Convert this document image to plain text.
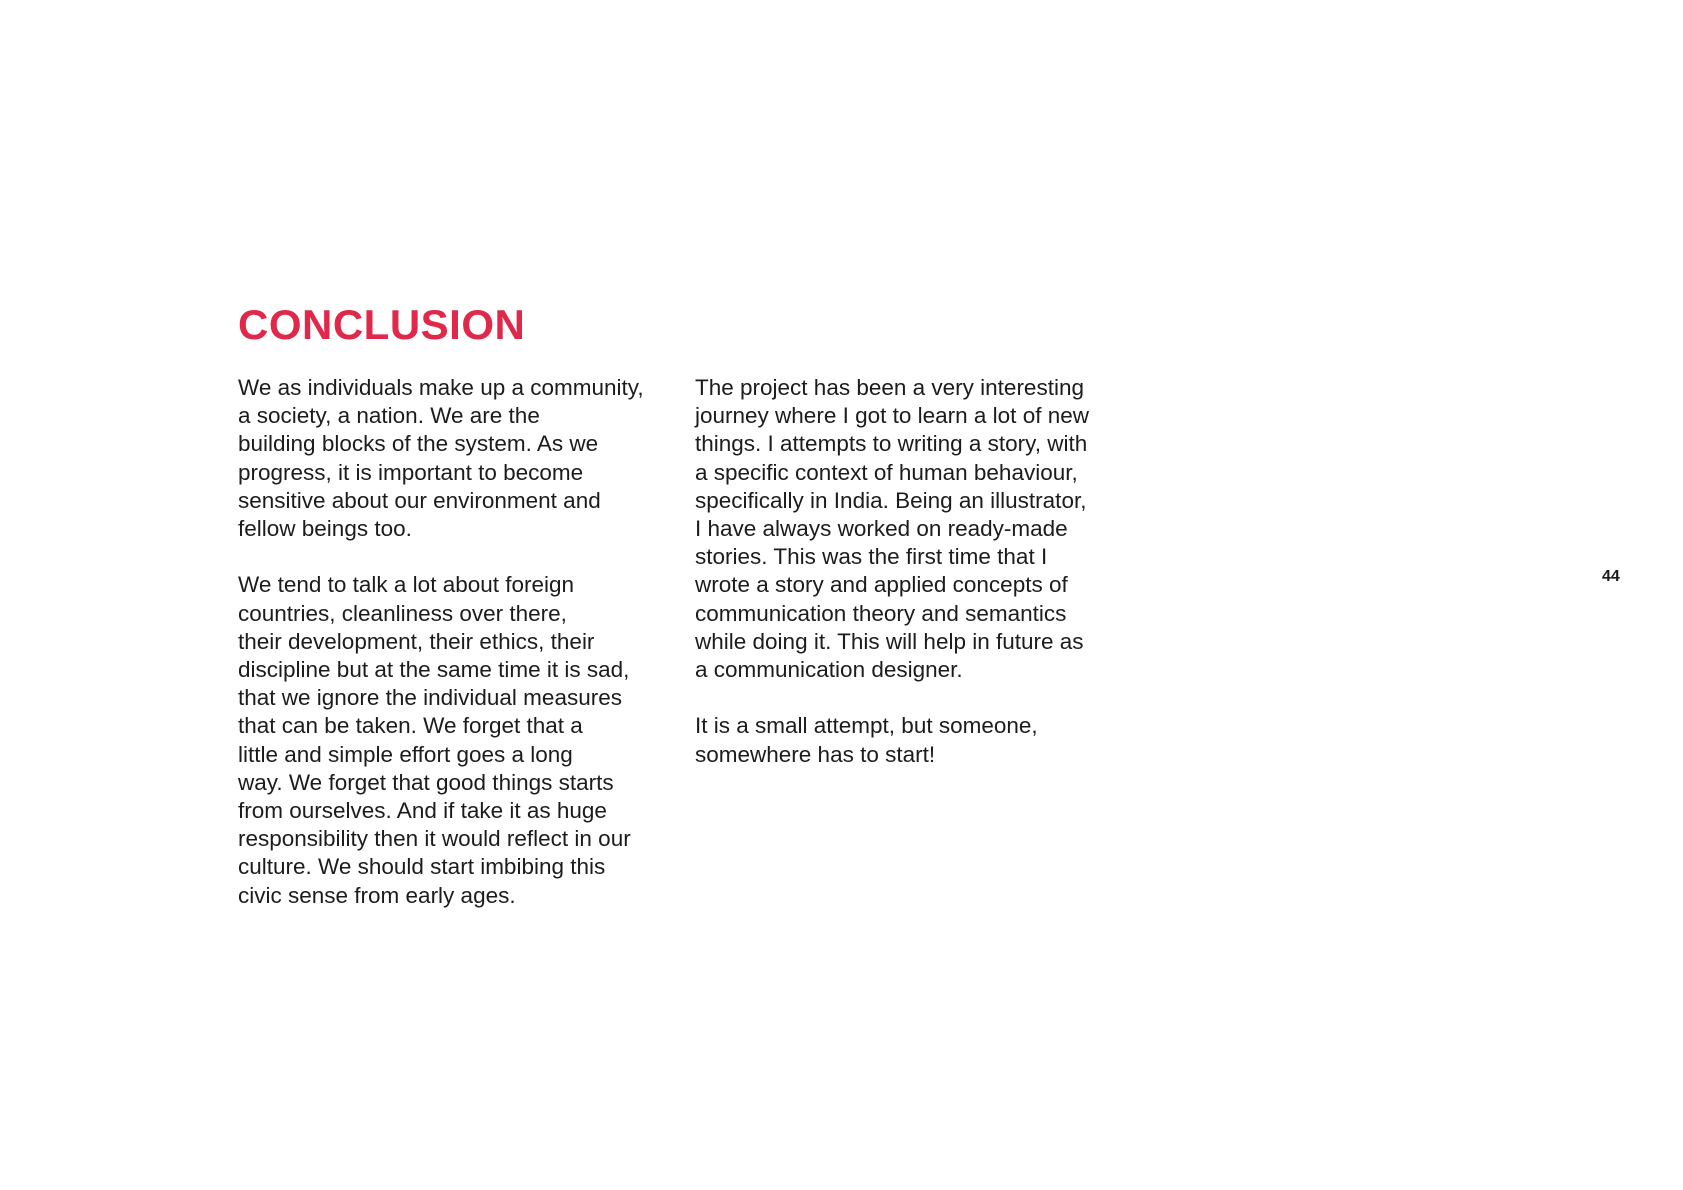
CONCLUSION

We as individuals make up a community,
a society, a nation. We are the
building blocks of the system. As we
progress, it is important to become
sensitive about our environment and
fellow beings too.

We tend to talk a lot about foreign
countries, cleanliness over there,
their development, their ethics, their
discipline but at the same time it is sad,
that we ignore the individual measures
that can be taken. We forget that a
little and simple effort goes a long
way. We forget that good things starts
from ourselves. And if take it as huge
responsibility then it would reflect in our
culture. We should start imbibing this
civic sense from early ages.

The project has been a very interesting
journey where I got to learn a lot of new
things. I attempts to writing a story, with
a specific context of human behaviour,
specifically in India. Being an illustrator,
I have always worked on ready-made
stories. This was the first time that I
wrote a story and applied concepts of
communication theory and semantics
while doing it. This will help in future as
a communication designer.

It is a small attempt, but someone,
somewhere has to start!

44
